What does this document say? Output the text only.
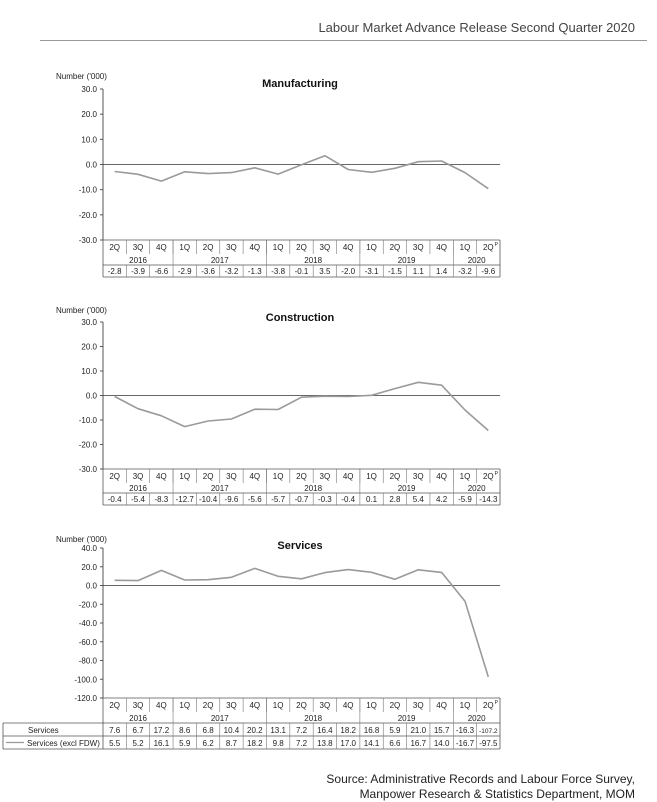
Labour Market Advance Release Second Quarter 2020
Manufacturing
Number ('000)
30.0
20.0
10.0
0.0
-10.0
-20.0
-30.0
2Q 3Q 4Q 1Q 2Q 3Q 4Q 1Q 2Q 3Q 4Q 1Q 2Q 3Q 4Q 1Q 2Q P
2016	2017	2018	2019	2020
-2.8 -3.9 -6.6 -2.9 -3.6 -3.2 -1.3 -3.8 -0.1 3.5 -2.0 -3.1 -1.5 1.1 1.4 -3.2 -9.6
Construction
Number ('000)
30.0
20.0
10.0
0.0
-10.0
-20.0
-30.0
2Q 3Q 4Q 1Q 2Q 3Q 4Q 1Q 2Q 3Q 4Q 1Q 2Q 3Q 4Q 1Q 2Q P
2016	2017	2018	2019	2020
-0.4 -5.4 -8.3 -12.7 -10.4 -9.6 -5.6 -5.7 -0.7 -0.3 -0.4 0.1 2.8 5.4 4.2 -5.9 -14.3
Services
Number ('000)
40.0
20.0
0.0
-20.0
-40.0
-60.0
-80.0
-100.0
-120.0
2Q 3Q 4Q 1Q 2Q 3Q 4Q 1Q 2Q 3Q 4Q 1Q 2Q 3Q 4Q 1Q 2Q P
2016	2017	2018	2019	2020
Services	7.6 6.7 17.2 8.6 6.8 10.4 20.2 13.1 7.2 16.4 18.2 16.8 5.9 21.0 15.7 -16.3 -107.2
Services (excl FDW) 5.5 5.2 16.1 5.9 6.2 8.7 18.2 9.8 7.2 13.8 17.0 14.1 6.6 16.7 14.0 -16.7 -97.5
Source: Administrative Records and Labour Force Survey,
Manpower Research & Statistics Department, MOM
